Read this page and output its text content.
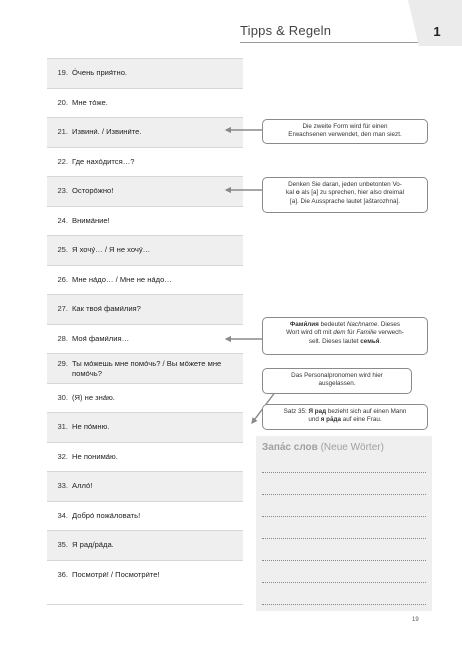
Tipps & Regeln	1
19. Óчень прия́тно.
20. Мне то́же.
21. Извини́. / Извини́те.
22. Где нахо́дится…?
23. Осторо́жно!
24. Внима́ние!
25. Я хочу́… / Я не хочу́…
26. Мне на́до… / Мне не на́до…
27. Как твоя́ фами́лия?
28. Моя́ фами́лия…
29. Ты мо́жешь мне помо́чь? / Вы мо́жете мне помо́чь?
30. (Я) не зна́ю.
31. Не по́мню.
32. Не понима́ю.
33. Алло́!
34. Добро́ пожа́ловать!
35. Я рад/ра́да.
36. Посмотри́! / Посмотри́те!
Die zweite Form wird für einen
Erwachsenen verwendet, den man siezt.
Denken Sie daran, jeden unbetonten Vo-
kal o als [a] zu sprechen, hier also dreimal
[a]. Die Aussprache lautet [aštarozhna].
Фами́лия bedeutet Nachname. Dieses
Wort wird oft mit dem für Familie verwech-
selt. Dieses lautet семья́.
Das Personalpronomen wird hier
ausgelassen.
Satz 35: Я рад bezieht sich auf einen Mann
und я ра́да auf eine Frau.
Запа́с слов (Neue Wörter)
19
